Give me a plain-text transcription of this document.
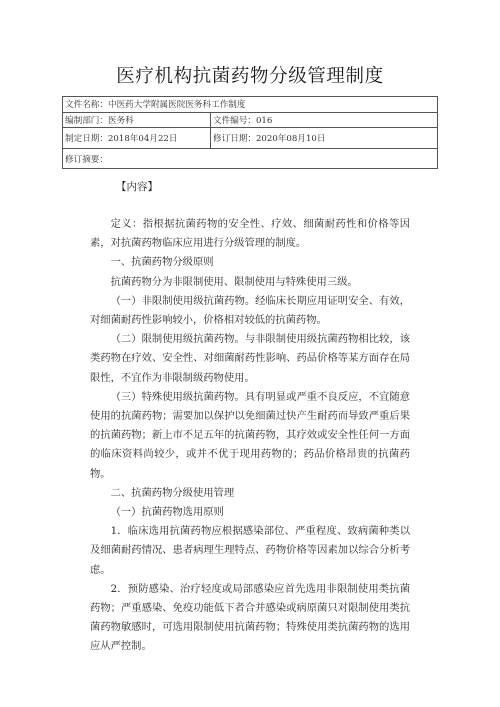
医疗机构抗菌药物分级管理制度
文件名称：中医药大学附属医院医务科工作制度	
编制部门：医务科	文件编号：016
制定日期：2018年04月22日	修订日期：2020年08月10日
修订摘要：	
【内容】

定义：指根据抗菌药物的安全性、疗效、细菌耐药性和价格等因素，对抗菌药物临床应用进行分级管理的制度。

一、抗菌药物分级原则

抗菌药物分为非限制使用、限制使用与特殊使用三级。

（一）非限制使用级抗菌药物。经临床长期应用证明安全、有效，对细菌耐药性影响较小，价格相对较低的抗菌药物。

（二）限制使用级抗菌药物。与非限制使用级抗菌药物相比较，该类药物在疗效、安全性、对细菌耐药性影响、药品价格等某方面存在局限性，不宜作为非限制级药物使用。

（三）特殊使用级抗菌药物。具有明显或严重不良反应，不宜随意使用的抗菌药物；需要加以保护以免细菌过快产生耐药而导致严重后果的抗菌药物；新上市不足五年的抗菌药物，其疗效或安全性任何一方面的临床资料尚较少，或并不优于现用药物的；药品价格昂贵的抗菌药物。

二、抗菌药物分级使用管理

（一）抗菌药物选用原则

1．临床选用抗菌药物应根据感染部位、严重程度、致病菌种类以及细菌耐药情况、患者病理生理特点、药物价格等因素加以综合分析考虑。

2．预防感染、治疗轻度或局部感染应首先选用非限制使用类抗菌药物；严重感染、免疫功能低下者合并感染或病原菌只对限制使用类抗菌药物敏感时，可选用限制使用抗菌药物；特殊使用类抗菌药物的选用应从严控制。
